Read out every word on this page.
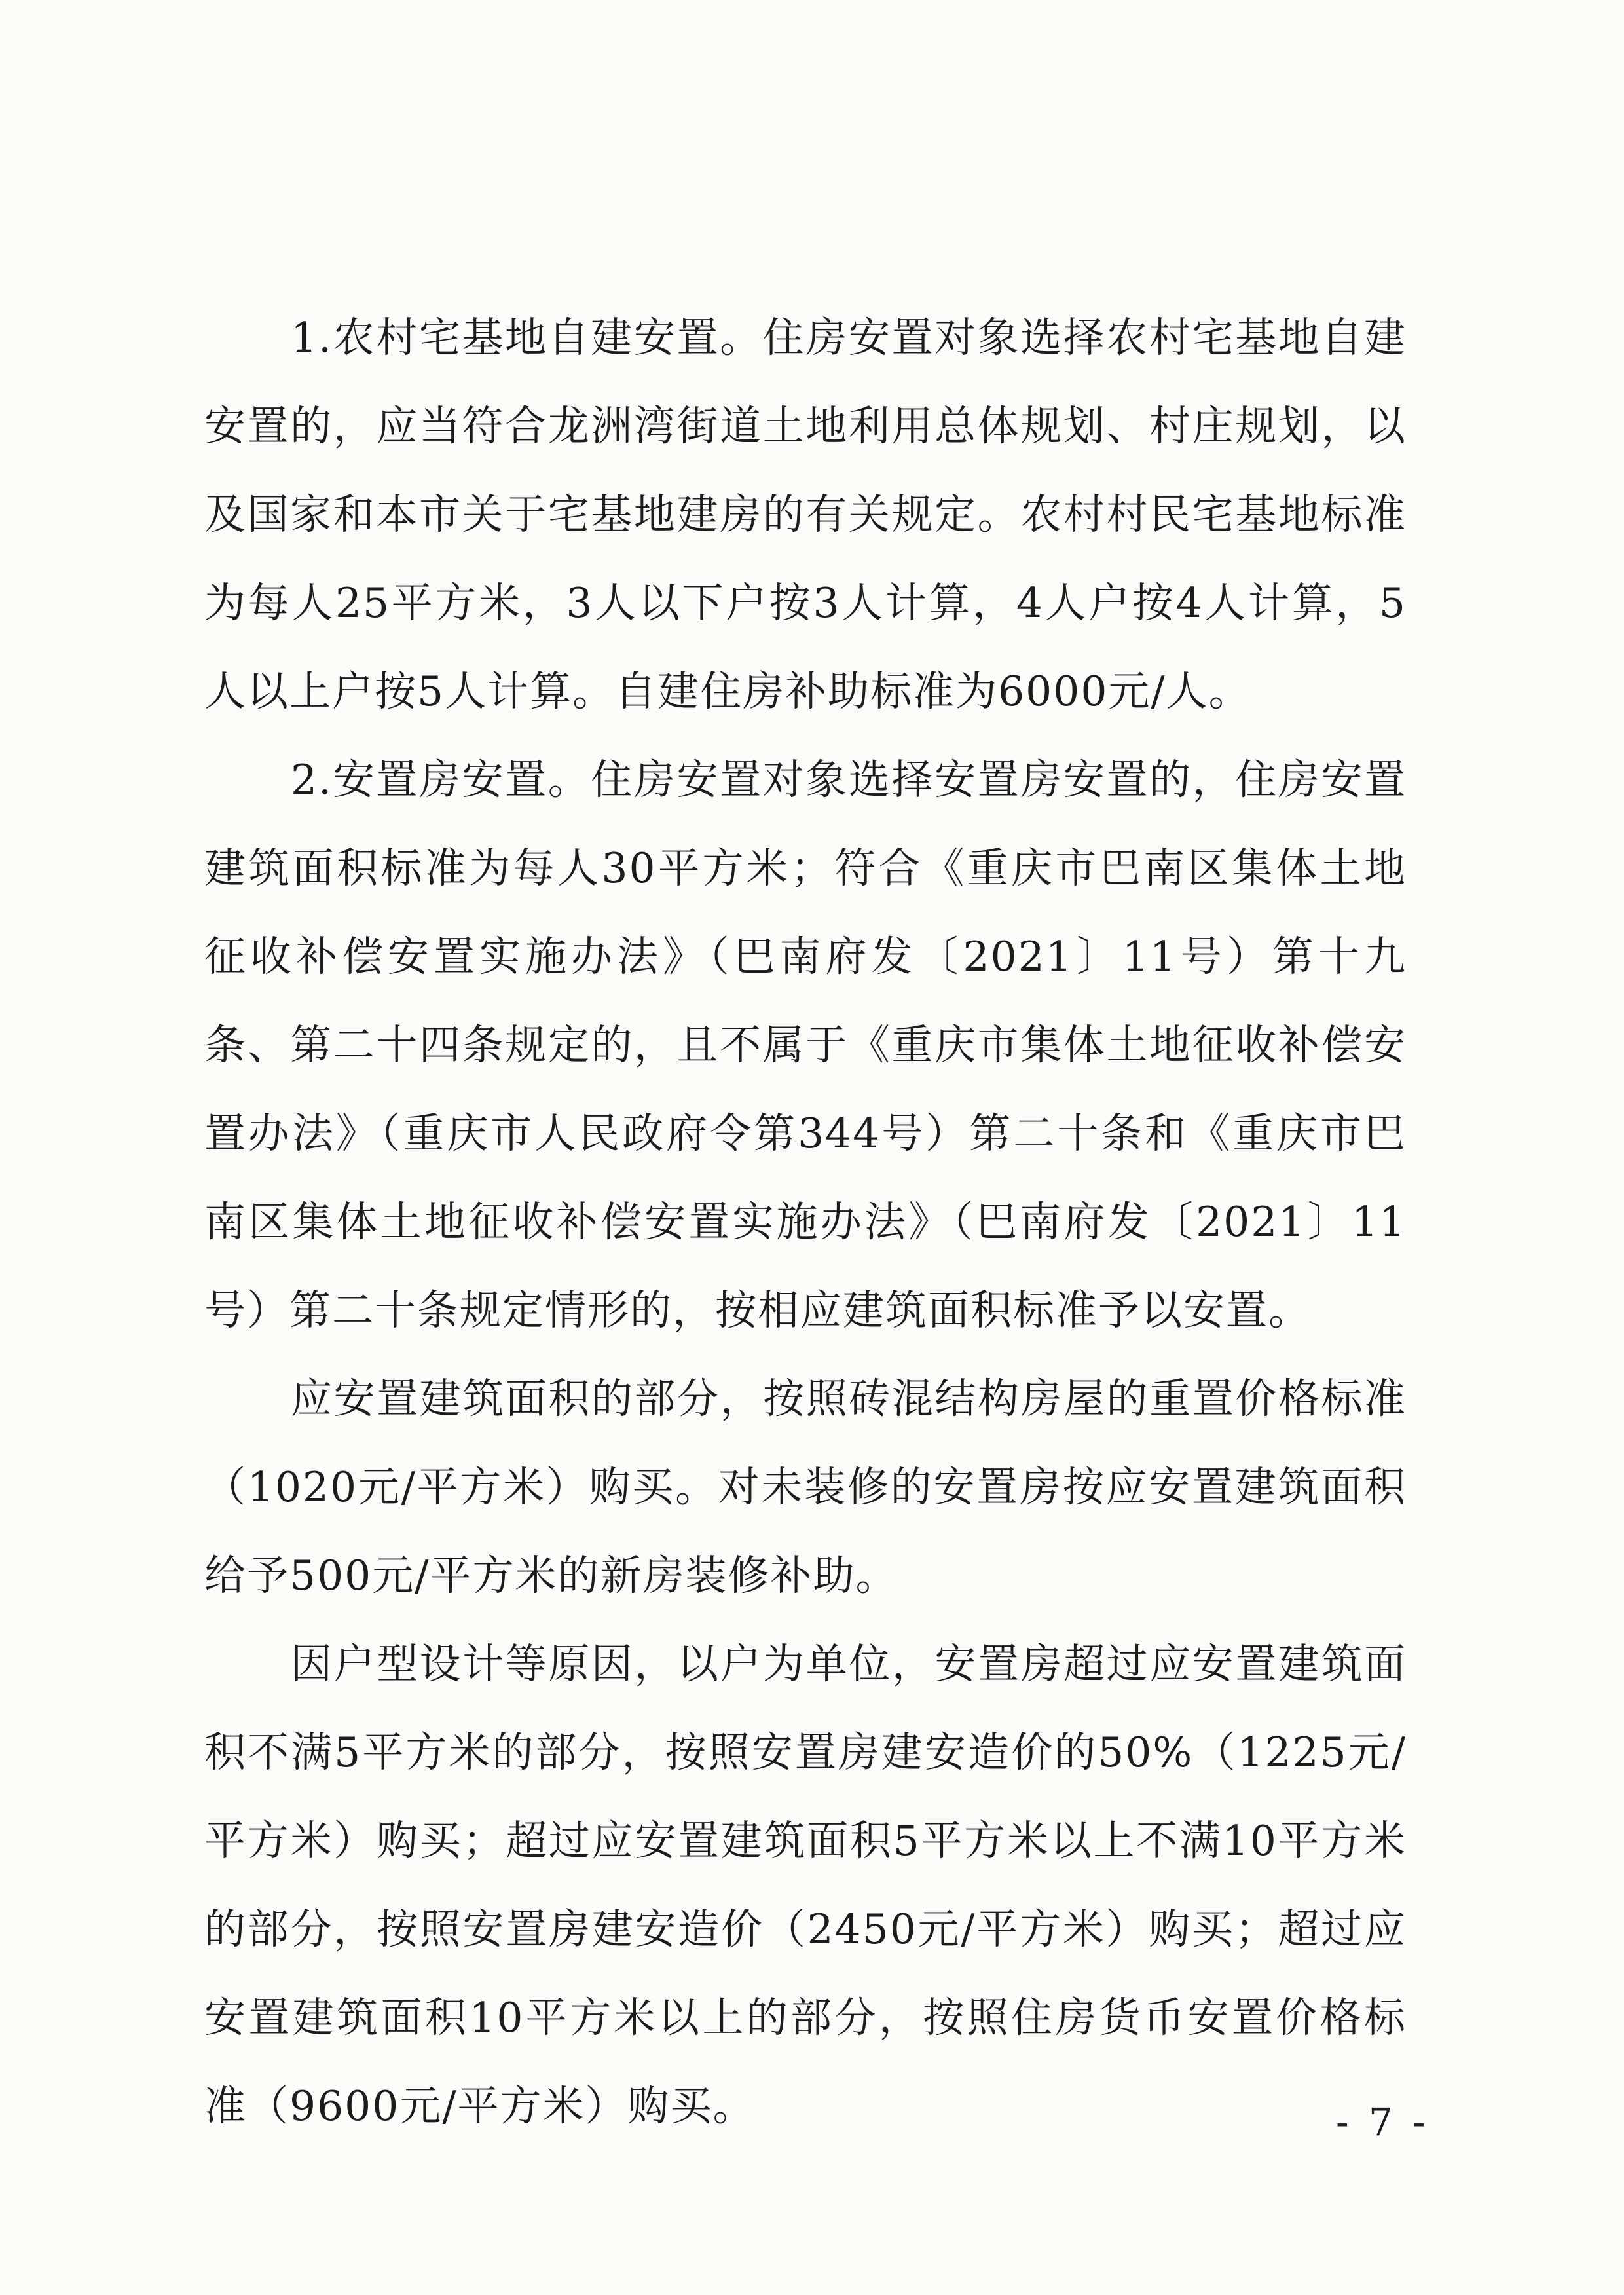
1.农村宅基地自建安置。住房安置对象选择农村宅基地自建安置的，应当符合龙洲湾街道土地利用总体规划、村庄规划，以及国家和本市关于宅基地建房的有关规定。农村村民宅基地标准为每人25平方米，3人以下户按3人计算，4人户按4人计算，5人以上户按5人计算。自建住房补助标准为6000元/人。

2.安置房安置。住房安置对象选择安置房安置的，住房安置建筑面积标准为每人30平方米；符合《重庆市巴南区集体土地征收补偿安置实施办法》（巴南府发〔2021〕11号）第十九条、第二十四条规定的，且不属于《重庆市集体土地征收补偿安置办法》（重庆市人民政府令第344号）第二十条和《重庆市巴南区集体土地征收补偿安置实施办法》（巴南府发〔2021〕11号）第二十条规定情形的，按相应建筑面积标准予以安置。

应安置建筑面积的部分，按照砖混结构房屋的重置价格标准（1020元/平方米）购买。对未装修的安置房按应安置建筑面积给予500元/平方米的新房装修补助。

因户型设计等原因，以户为单位，安置房超过应安置建筑面积不满5平方米的部分，按照安置房建安造价的50%（1225元/平方米）购买；超过应安置建筑面积5平方米以上不满10平方米的部分，按照安置房建安造价（2450元/平方米）购买；超过应安置建筑面积10平方米以上的部分，按照住房货币安置价格标准（9600元/平方米）购买。	- 7 -
